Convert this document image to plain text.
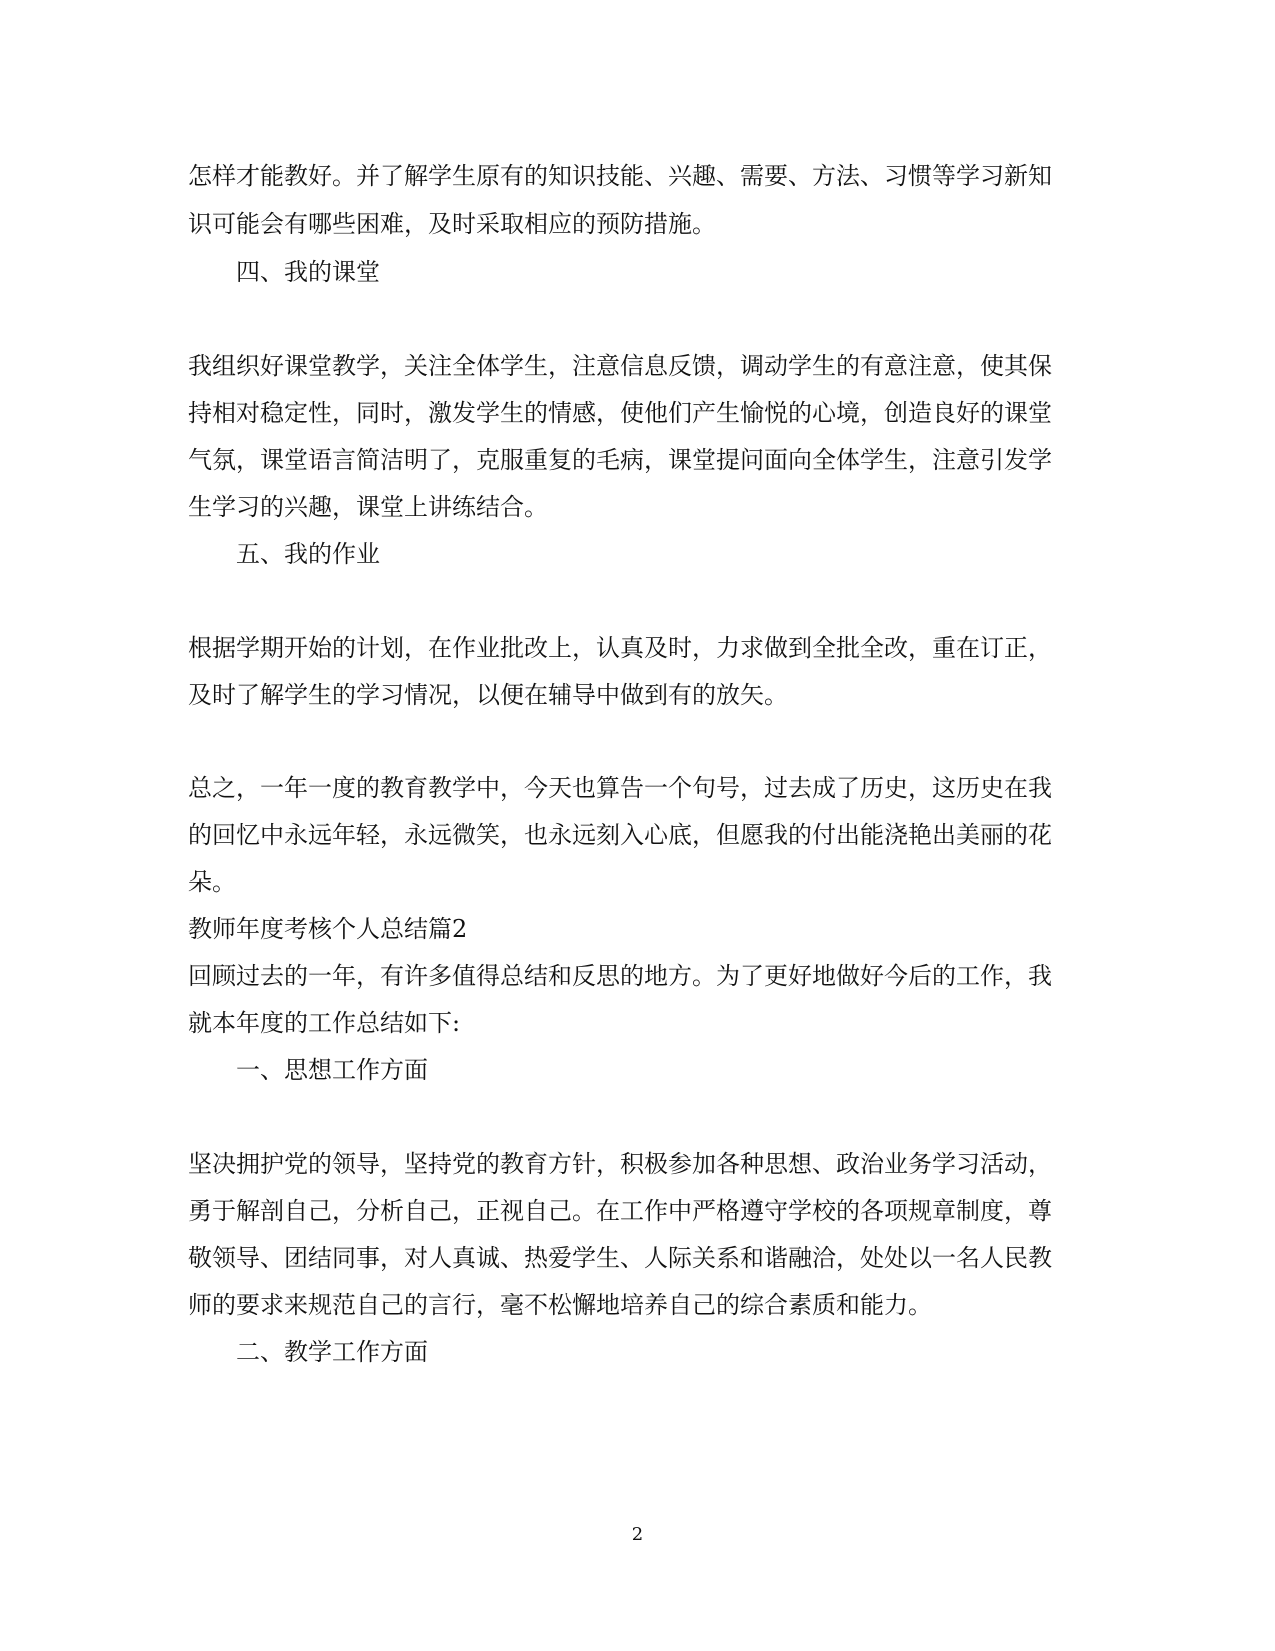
怎样才能教好。并了解学生原有的知识技能、兴趣、需要、方法、习惯等学习新知
识可能会有哪些困难，及时采取相应的预防措施。
四、我的课堂
我组织好课堂教学，关注全体学生，注意信息反馈，调动学生的有意注意，使其保
持相对稳定性，同时，激发学生的情感，使他们产生愉悦的心境，创造良好的课堂
气氛，课堂语言简洁明了，克服重复的毛病，课堂提问面向全体学生，注意引发学
生学习的兴趣，课堂上讲练结合。
五、我的作业
根据学期开始的计划，在作业批改上，认真及时，力求做到全批全改，重在订正，
及时了解学生的学习情况，以便在辅导中做到有的放矢。
总之，一年一度的教育教学中，今天也算告一个句号，过去成了历史，这历史在我
的回忆中永远年轻，永远微笑，也永远刻入心底，但愿我的付出能浇艳出美丽的花
朵。
教师年度考核个人总结篇2
回顾过去的一年，有许多值得总结和反思的地方。为了更好地做好今后的工作，我
就本年度的工作总结如下:
一、思想工作方面
坚决拥护党的领导，坚持党的教育方针，积极参加各种思想、政治业务学习活动，
勇于解剖自己，分析自己，正视自己。在工作中严格遵守学校的各项规章制度，尊
敬领导、团结同事，对人真诚、热爱学生、人际关系和谐融洽，处处以一名人民教
师的要求来规范自己的言行，毫不松懈地培养自己的综合素质和能力。
二、教学工作方面
2
